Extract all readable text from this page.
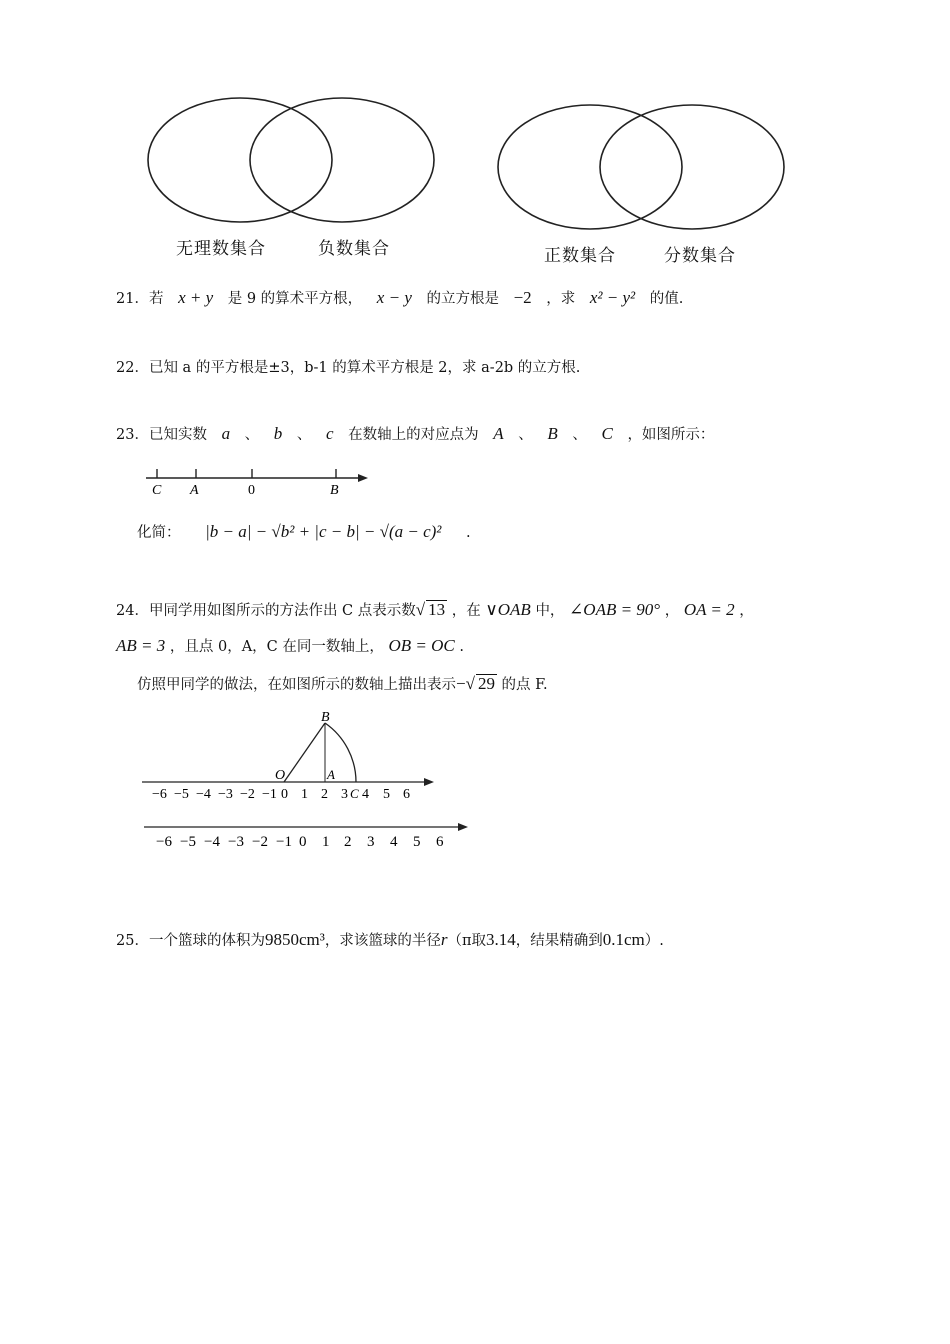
无理数集合	负数集合	正数集合	分数集合
21．若 x + y 是 9 的算术平方根， x − y 的立方根是 −2 ，求 x² − y² 的值.
22．已知 a 的平方根是±3，b-1 的算术平方根是 2，求 a-2b 的立方根.
23．已知实数 a 、 b 、 c 在数轴上的对应点为 A 、 B 、 C ，如图所示：
C A	0	B
化简： |b − a| − √b² + |c − b| − √(a − c)² .
24．甲同学用如图所示的方法作出 C 点表示数√ 13 ，在 ∨OAB 中， ∠OAB = 90° ， OA = 2 ，
AB = 3 ，且点 0，A，C 在同一数轴上， OB = OC .
仿照甲同学的做法，在如图所示的数轴上描出表示−√ 29 的点 F.
B
O	A
C
−6 −5 −4 −3 −2 −1 0 1 2 3 4 5 6
−6 −5 −4 −3 −2 −1 0 1 2 3 4 5 6
25．一个篮球的体积为9850cm³，求该篮球的半径r（π取3.14，结果精确到0.1cm）.
